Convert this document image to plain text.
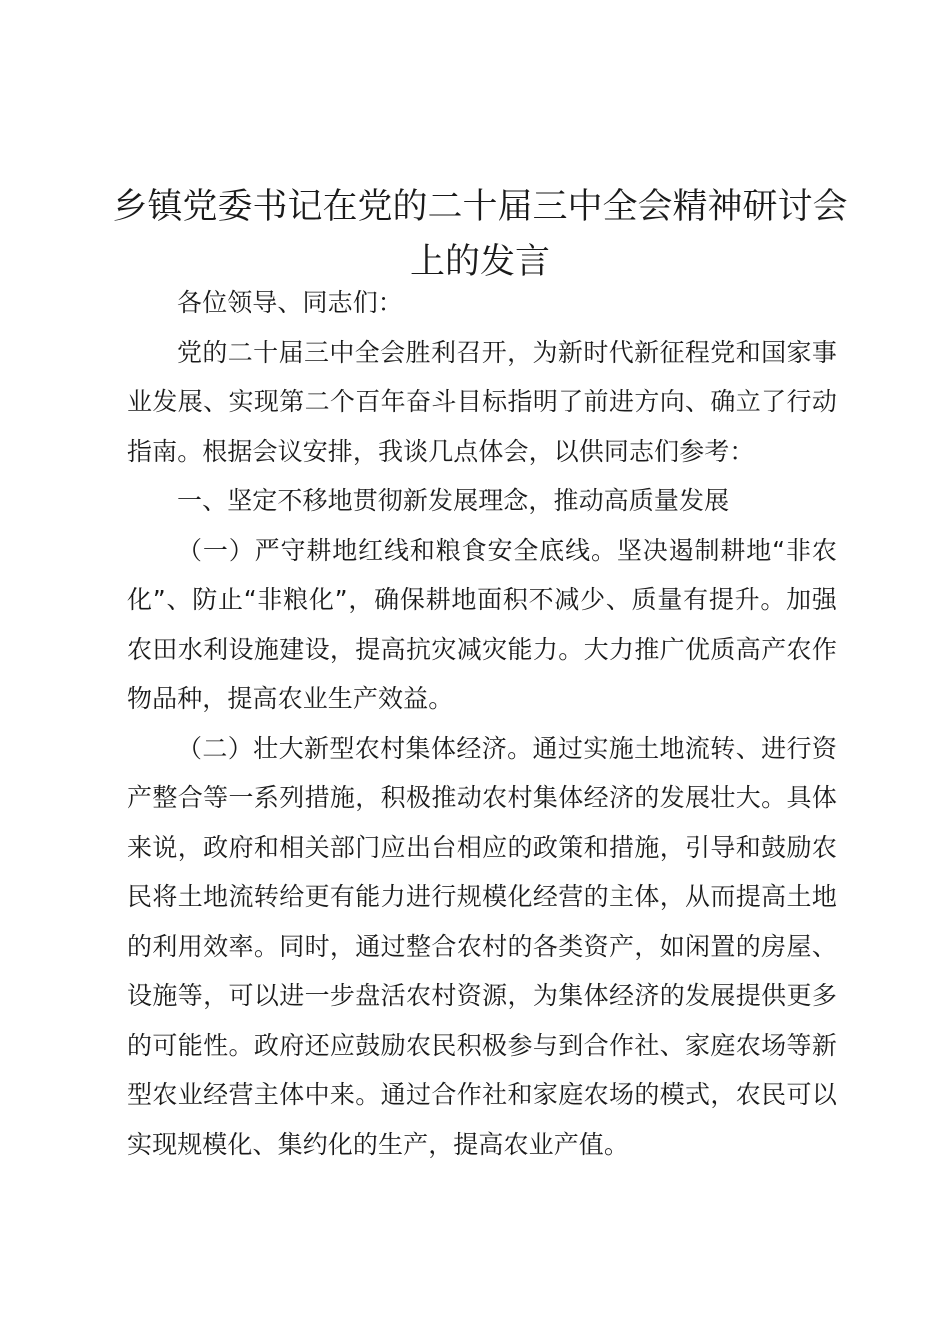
乡镇党委书记在党的二十届三中全会精神研讨会上的发言

各位领导、同志们：

党的二十届三中全会胜利召开，为新时代新征程党和国家事业发展、实现第二个百年奋斗目标指明了前进方向、确立了行动指南。根据会议安排，我谈几点体会，以供同志们参考：

一、坚定不移地贯彻新发展理念，推动高质量发展

（一）严守耕地红线和粮食安全底线。坚决遏制耕地“非农化”、防止“非粮化”，确保耕地面积不减少、质量有提升。加强农田水利设施建设，提高抗灾减灾能力。大力推广优质高产农作物品种，提高农业生产效益。

（二）壮大新型农村集体经济。通过实施土地流转、进行资产整合等一系列措施，积极推动农村集体经济的发展壮大。具体来说，政府和相关部门应出台相应的政策和措施，引导和鼓励农民将土地流转给更有能力进行规模化经营的主体，从而提高土地的利用效率。同时，通过整合农村的各类资产，如闲置的房屋、设施等，可以进一步盘活农村资源，为集体经济的发展提供更多的可能性。政府还应鼓励农民积极参与到合作社、家庭农场等新型农业经营主体中来。通过合作社和家庭农场的模式，农民可以实现规模化、集约化的生产，提高农业产值。
